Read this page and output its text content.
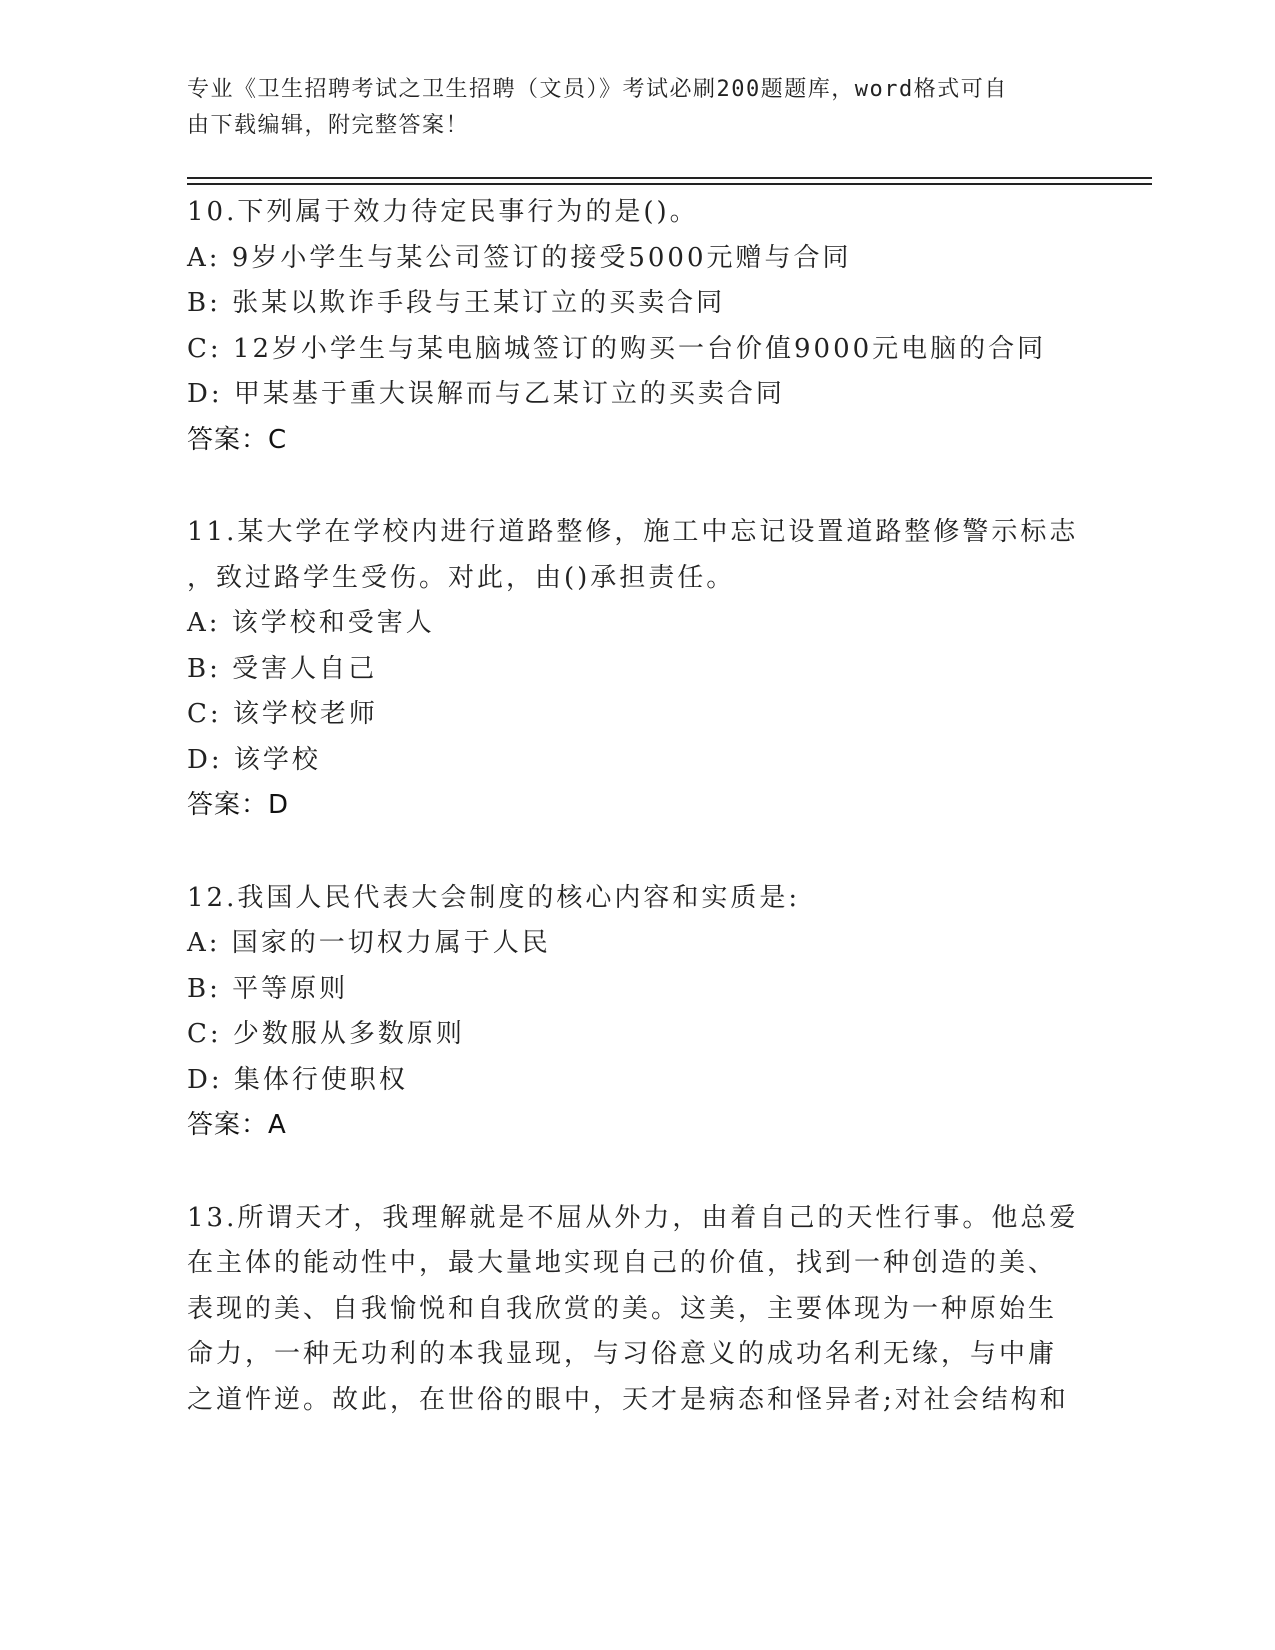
专业《卫生招聘考试之卫生招聘（文员）》考试必刷200题题库，word格式可自
由下载编辑，附完整答案！

10.下列属于效力待定民事行为的是()。

A: 9岁小学生与某公司签订的接受5000元赠与合同

B: 张某以欺诈手段与王某订立的买卖合同

C: 12岁小学生与某电脑城签订的购买一台价值9000元电脑的合同

D: 甲某基于重大误解而与乙某订立的买卖合同

答案：C

11.某大学在学校内进行道路整修，施工中忘记设置道路整修警示标志

，致过路学生受伤。对此，由()承担责任。

A: 该学校和受害人

B: 受害人自己

C: 该学校老师

D: 该学校

答案：D

12.我国人民代表大会制度的核心内容和实质是:

A: 国家的一切权力属于人民

B: 平等原则

C: 少数服从多数原则

D: 集体行使职权

答案：A

13.所谓天才，我理解就是不屈从外力，由着自己的天性行事。他总爱

在主体的能动性中，最大量地实现自己的价值，找到一种创造的美、

表现的美、自我愉悦和自我欣赏的美。这美，主要体现为一种原始生

命力，一种无功利的本我显现，与习俗意义的成功名利无缘，与中庸

之道忤逆。故此，在世俗的眼中，天才是病态和怪异者;对社会结构和
